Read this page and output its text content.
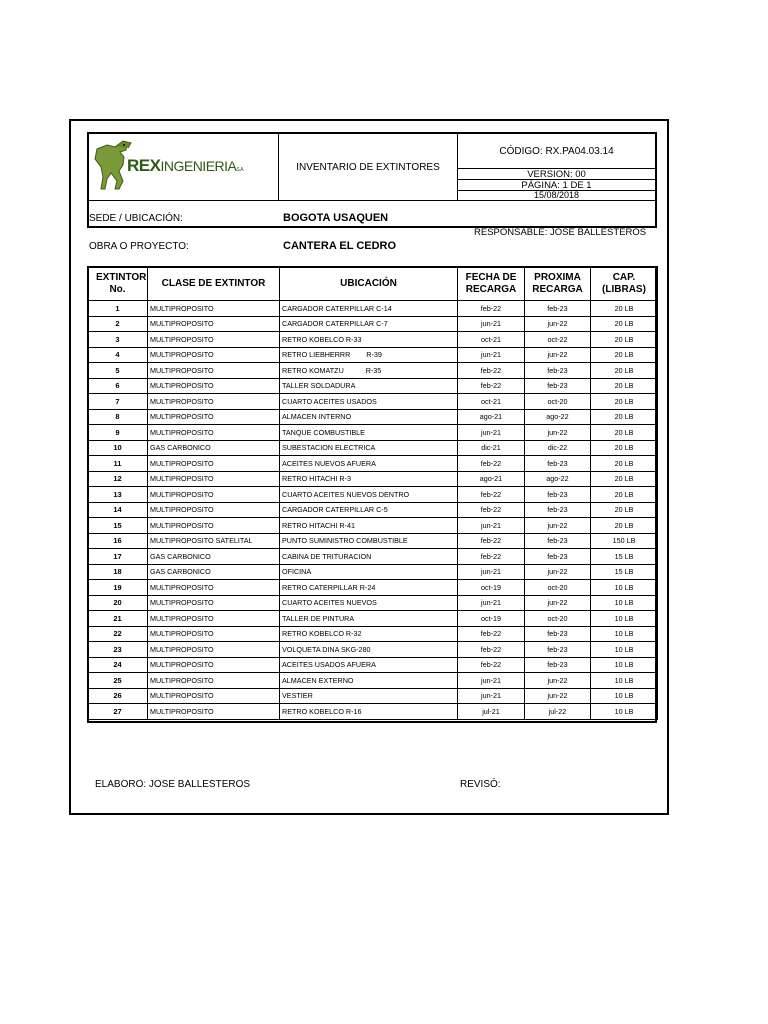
REXINGENIERIAS.A.	INVENTARIO DE EXTINTORES
CÓDIGO: RX.PA04.03.14
VERSION: 00
PÁGINA: 1 DE 1
15/08/2018
SEDE / UBICACIÓN:	BOGOTA USAQUEN
RESPONSABLE: JOSE BALLESTEROS
OBRA O PROYECTO:	CANTERA EL CEDRO
EXTINTOR No.	CLASE DE EXTINTOR	UBICACIÓN	FECHA DE RECARGA	PROXIMA RECARGA	CAP. (LIBRAS)
1	MULTIPROPOSITO	CARGADOR CATERPILLAR C-14	feb-22	feb-23	20 LB
2	MULTIPROPOSITO	CARGADOR CATERPILLAR C-7	jun-21	jun-22	20 LB
3	MULTIPROPOSITO	RETRO KOBELCO R-33	oct-21	oct-22	20 LB
4	MULTIPROPOSITO	RETRO LIEBHERRR        R-39	jun-21	jun-22	20 LB
5	MULTIPROPOSITO	RETRO KOMATZU           R-35	feb-22	feb-23	20 LB
6	MULTIPROPOSITO	TALLER SOLDADURA	feb-22	feb-23	20 LB
7	MULTIPROPOSITO	CUARTO ACEITES USADOS	oct-21	oct-20	20 LB
8	MULTIPROPOSITO	ALMACEN INTERNO	ago-21	ago-22	20 LB
9	MULTIPROPOSITO	TANQUE COMBUSTIBLE	jun-21	jun-22	20 LB
10	GAS CARBONICO	SUBESTACION ELECTRICA	dic-21	dic-22	20 LB
11	MULTIPROPOSITO	ACEITES NUEVOS AFUERA	feb-22	feb-23	20 LB
12	MULTIPROPOSITO	RETRO HITACHI R-3	ago-21	ago-22	20 LB
13	MULTIPROPOSITO	CUARTO ACEITES NUEVOS DENTRO	feb-22	feb-23	20 LB
14	MULTIPROPOSITO	CARGADOR CATERPILLAR C-5	feb-22	feb-23	20 LB
15	MULTIPROPOSITO	RETRO HITACHI R-41	jun-21	jun-22	20 LB
16	MULTIPROPOSITO SATELITAL	PUNTO SUMINISTRO COMBUSTIBLE	feb-22	feb-23	150 LB
17	GAS CARBONICO	CABINA DE TRITURACION	feb-22	feb-23	15 LB
18	GAS CARBONICO	OFICINA	jun-21	jun-22	15 LB
19	MULTIPROPOSITO	RETRO CATERPILLAR R-24	oct-19	oct-20	10 LB
20	MULTIPROPOSITO	CUARTO ACEITES NUEVOS	jun-21	jun-22	10 LB
21	MULTIPROPOSITO	TALLER DE PINTURA	oct-19	oct-20	10 LB
22	MULTIPROPOSITO	RETRO KOBELCO R-32	feb-22	feb-23	10 LB
23	MULTIPROPOSITO	VOLQUETA DINA SKG-280	feb-22	feb-23	10 LB
24	MULTIPROPOSITO	ACEITES USADOS AFUERA	feb-22	feb-23	10 LB
25	MULTIPROPOSITO	ALMACEN EXTERNO	jun-21	jun-22	10 LB
26	MULTIPROPOSITO	VESTIER	jun-21	jun-22	10 LB
27	MULTIPROPOSITO	RETRO KOBELCO R-16	jul-21	jul-22	10 LB
ELABORO: JOSE BALLESTEROS	REVISÓ:
